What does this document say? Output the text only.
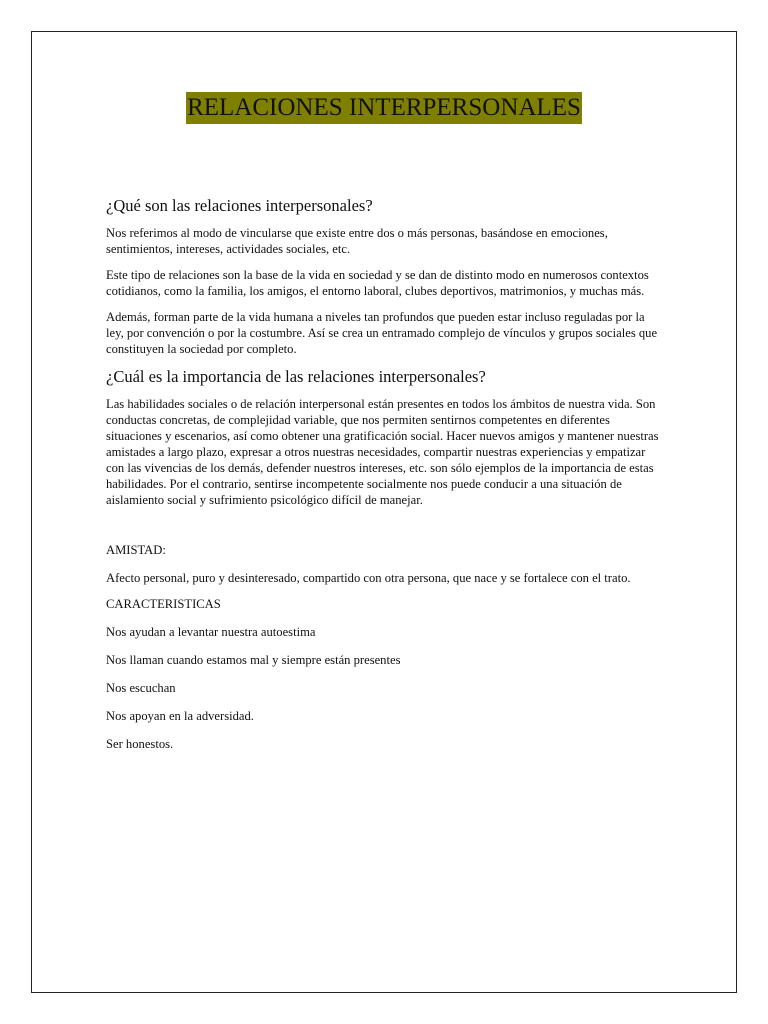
RELACIONES INTERPERSONALES
¿Qué son las relaciones interpersonales?

Nos referimos al modo de vincularse que existe entre dos o más personas, basándose en emociones, sentimientos, intereses, actividades sociales, etc.

Este tipo de relaciones son la base de la vida en sociedad y se dan de distinto modo en numerosos contextos cotidianos, como la familia, los amigos, el entorno laboral, clubes deportivos, matrimonios, y muchas más.

Además, forman parte de la vida humana a niveles tan profundos que pueden estar incluso reguladas por la ley, por convención o por la costumbre. Así se crea un entramado complejo de vínculos y grupos sociales que constituyen la sociedad por completo.

¿Cuál es la importancia de las relaciones interpersonales?

Las habilidades sociales o de relación interpersonal están presentes en todos los ámbitos de nuestra vida. Son conductas concretas, de complejidad variable, que nos permiten sentirnos competentes en diferentes situaciones y escenarios, así como obtener una gratificación social. Hacer nuevos amigos y mantener nuestras amistades a largo plazo, expresar a otros nuestras necesidades, compartir nuestras experiencias y empatizar con las vivencias de los demás, defender nuestros intereses, etc. son sólo ejemplos de la importancia de estas habilidades. Por el contrario, sentirse incompetente socialmente nos puede conducir a una situación de aislamiento social y sufrimiento psicológico difícil de manejar.

AMISTAD:

Afecto personal, puro y desinteresado, compartido con otra persona, que nace y se fortalece con el trato.

CARACTERISTICAS

Nos ayudan a levantar nuestra autoestima

Nos llaman cuando estamos mal y siempre están presentes

Nos escuchan

Nos apoyan en la adversidad.

Ser honestos.
